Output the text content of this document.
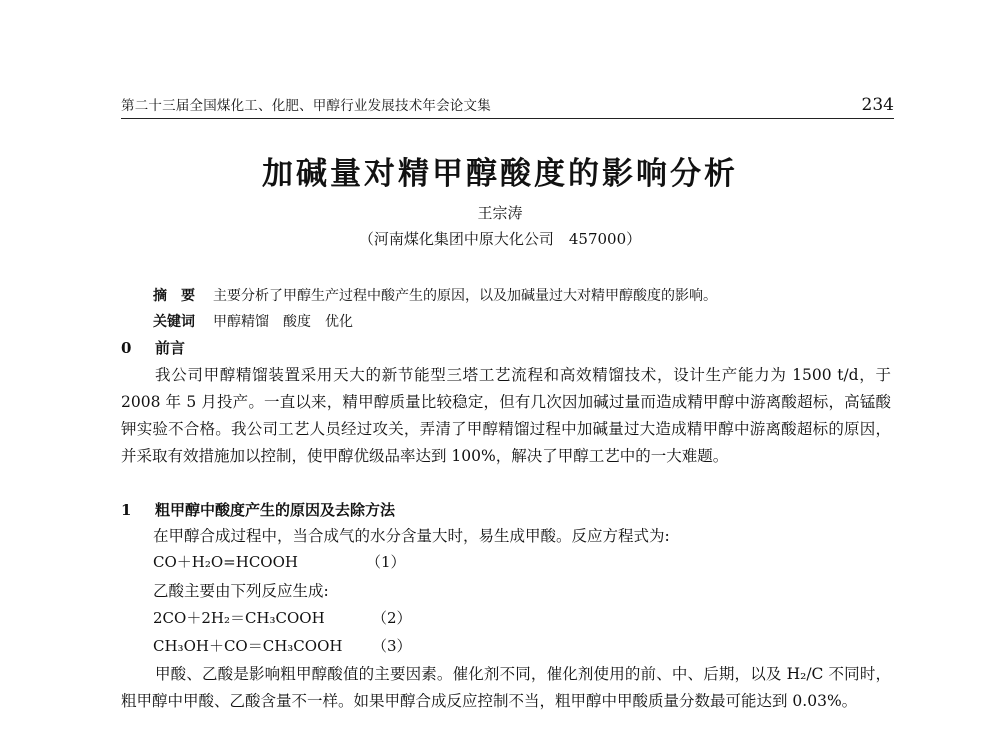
第二十三届全国煤化工、化肥、甲醇行业发展技术年会论文集	234
加碱量对精甲醇酸度的影响分析
王宗涛
（河南煤化集团中原大化公司　457000）
摘　要 主要分析了甲醇生产过程中酸产生的原因，以及加碱量过大对精甲醇酸度的影响。
关键词 甲醇精馏　酸度　优化
0 前言
我公司甲醇精馏装置采用天大的新节能型三塔工艺流程和高效精馏技术，设计生产能力为 1500 t/d，于 2008 年 5 月投产。一直以来，精甲醇质量比较稳定，但有几次因加碱过量而造成精甲醇中游离酸超标，高锰酸钾实验不合格。我公司工艺人员经过攻关，弄清了甲醇精馏过程中加碱量过大造成精甲醇中游离酸超标的原因，并采取有效措施加以控制，使甲醇优级品率达到 100%，解决了甲醇工艺中的一大难题。
1 粗甲醇中酸度产生的原因及去除方法
在甲醇合成过程中，当合成气的水分含量大时，易生成甲酸。反应方程式为:
CO＋H₂O=HCOOH	（1）
乙酸主要由下列反应生成:
2CO＋2H₂＝CH₃COOH	（2）
CH₃OH＋CO＝CH₃COOH （3）
甲酸、乙酸是影响粗甲醇酸值的主要因素。催化剂不同，催化剂使用的前、中、后期，以及 H₂/C 不同时，粗甲醇中甲酸、乙酸含量不一样。如果甲醇合成反应控制不当，粗甲醇中甲酸质量分数最可能达到 0.03%。
